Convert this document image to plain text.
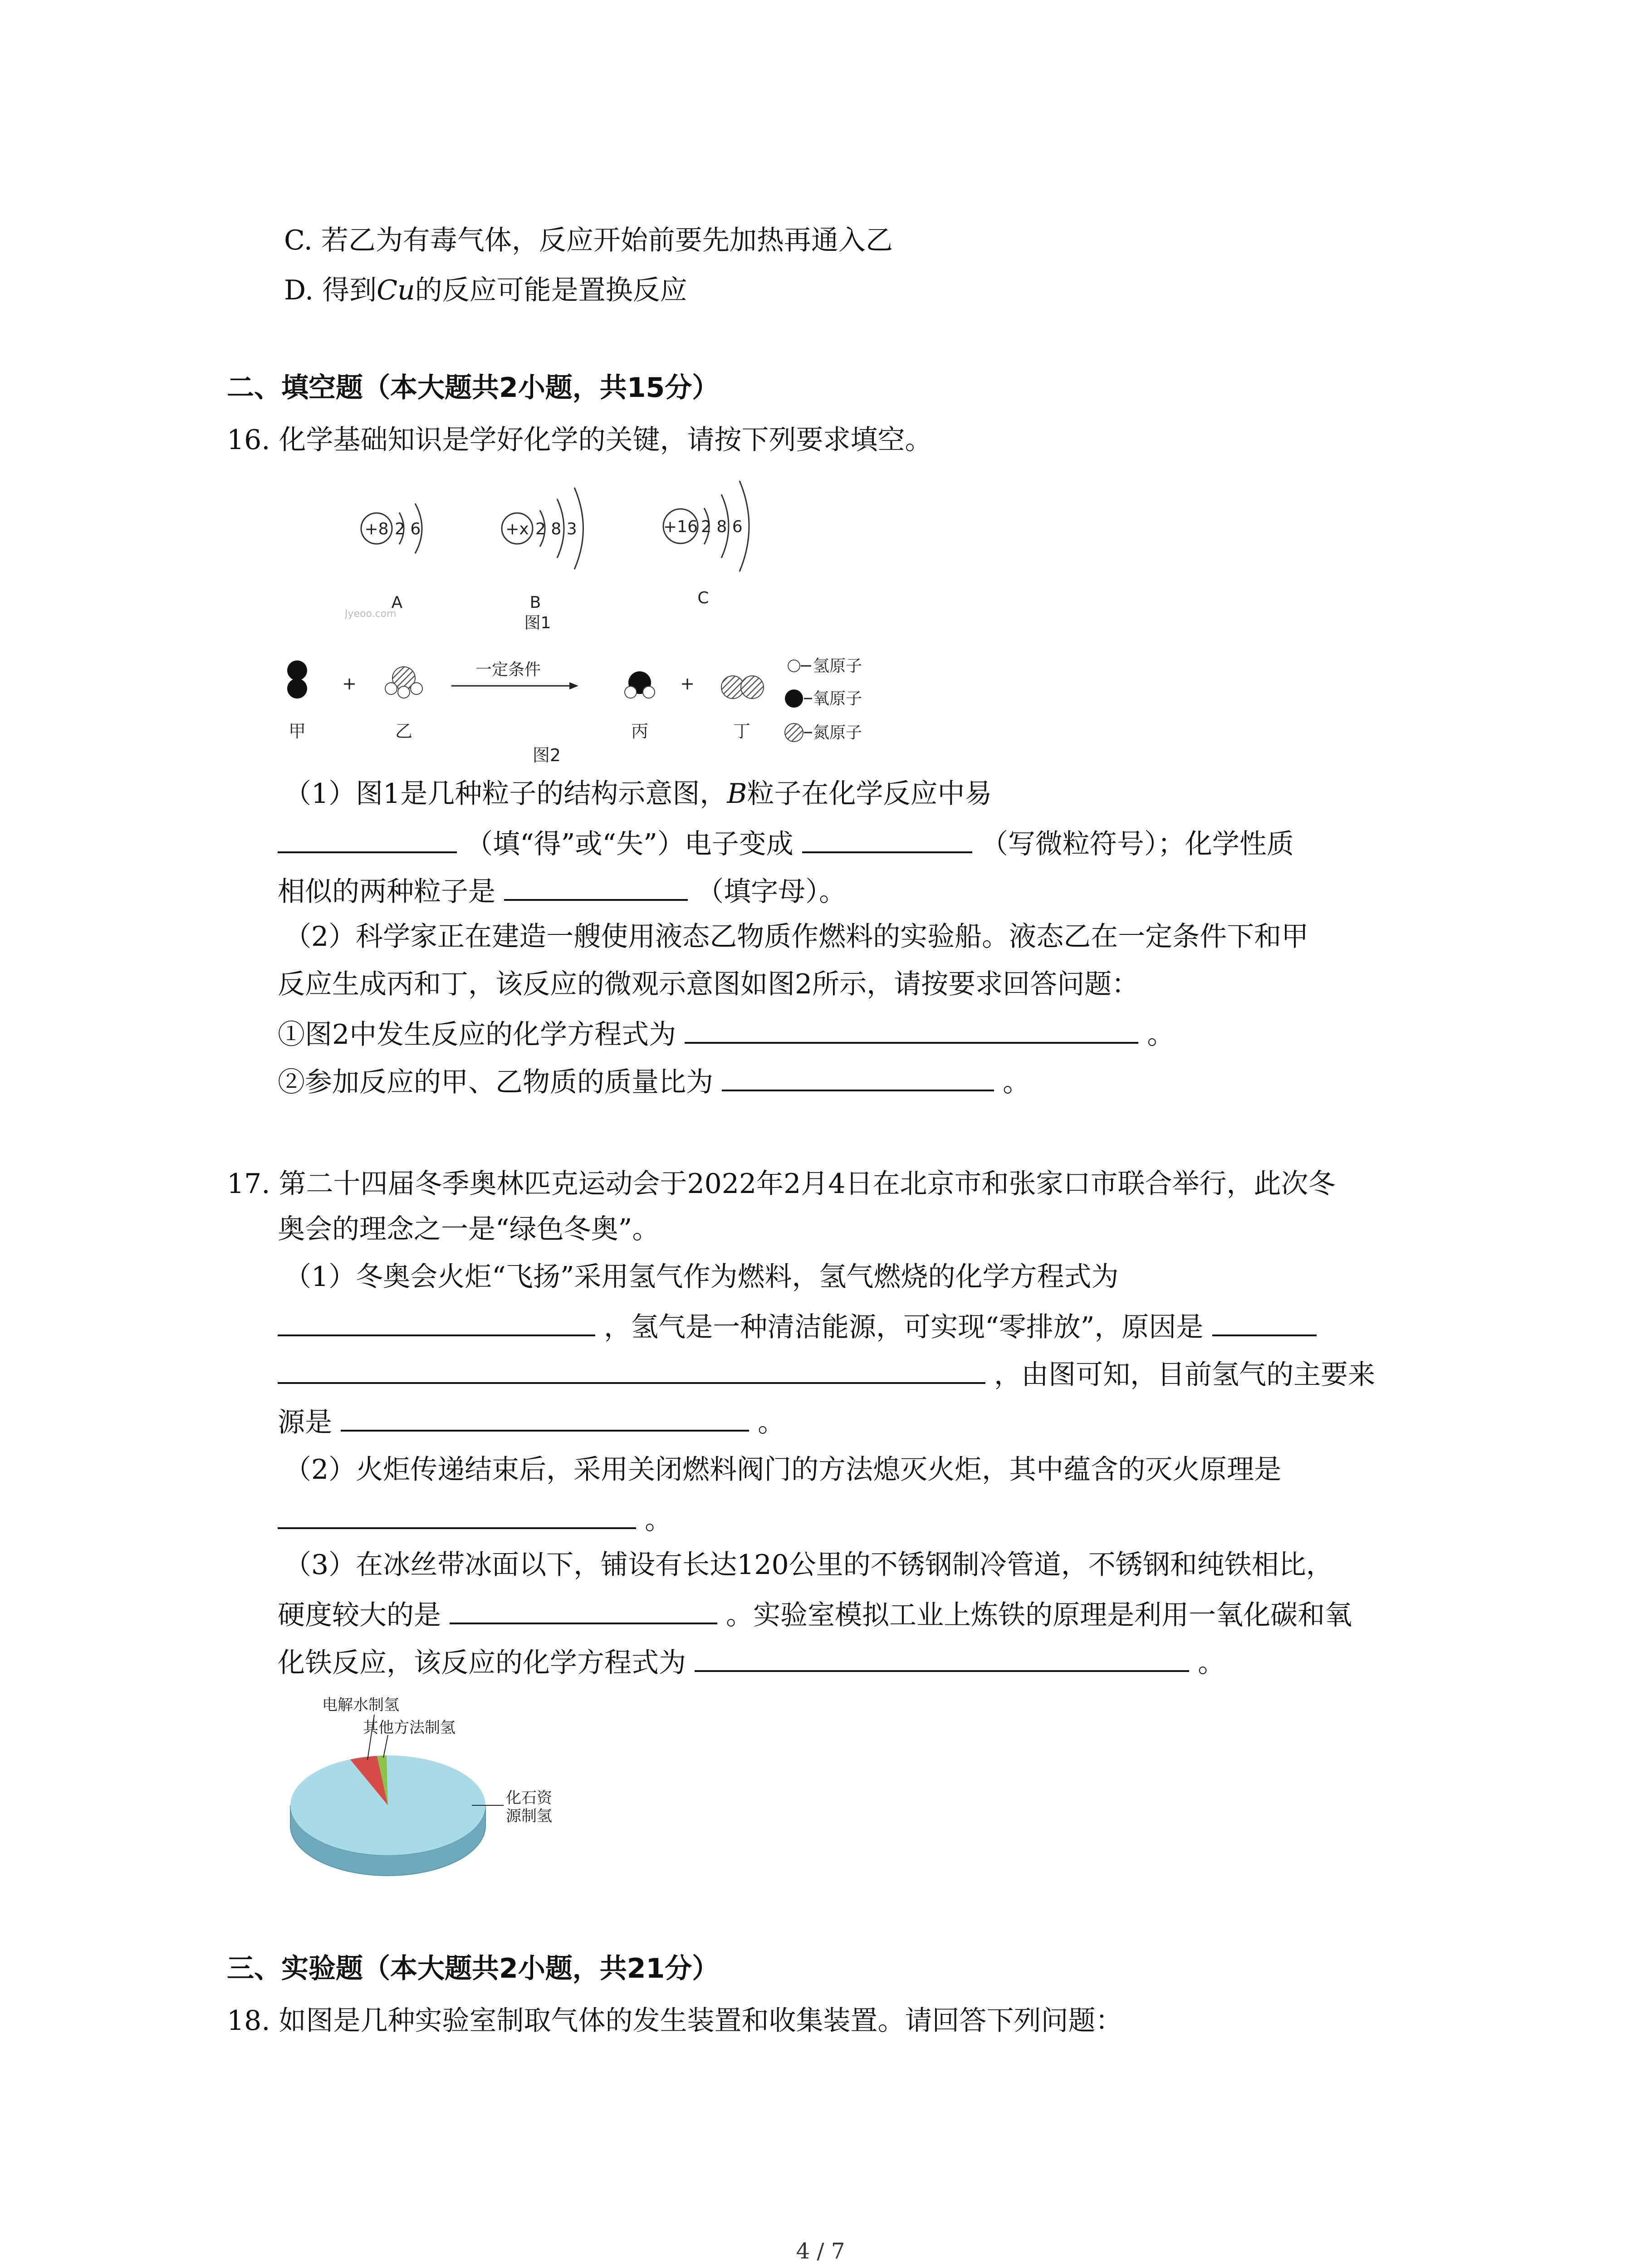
C. 若乙为有毒气体，反应开始前要先加热再通入乙
D. 得到Cu的反应可能是置换反应
二、填空题（本大题共2小题，共15分）
16. 化学基础知识是学好化学的关键，请按下列要求填空。
+8 2 6
A
+x 2 8 3
B
+16 2 8 6
C
图1
Jyeoo.com
甲
+
乙
一定条件
丙
+
丁
氢原子
氧原子
氮原子
图2
（1）图1是几种粒子的结构示意图，B粒子在化学反应中易
（填“得”或“失”）电子变成	（写微粒符号）；化学性质
相似的两种粒子是	（填字母）。
（2）科学家正在建造一艘使用液态乙物质作燃料的实验船。液态乙在一定条件下和甲
反应生成丙和丁，该反应的微观示意图如图2所示，请按要求回答问题：
①图2中发生反应的化学方程式为	。
②参加反应的甲、乙物质的质量比为	。
17. 第二十四届冬季奥林匹克运动会于2022年2月4日在北京市和张家口市联合举行，此次冬
奥会的理念之一是“绿色冬奥”。
（1）冬奥会火炬“飞扬”采用氢气作为燃料，氢气燃烧的化学方程式为
，氢气是一种清洁能源，可实现“零排放”，原因是
，由图可知，目前氢气的主要来
源是	。
（2）火炬传递结束后，采用关闭燃料阀门的方法熄灭火炬，其中蕴含的灭火原理是
。
（3）在冰丝带冰面以下，铺设有长达120公里的不锈钢制冷管道，不锈钢和纯铁相比，
硬度较大的是	。实验室模拟工业上炼铁的原理是利用一氧化碳和氧
化铁反应，该反应的化学方程式为	。
电解水制氢
其他方法制氢
化石资
源制氢
三、实验题（本大题共2小题，共21分）
18. 如图是几种实验室制取气体的发生装置和收集装置。请回答下列问题：
4 / 7
